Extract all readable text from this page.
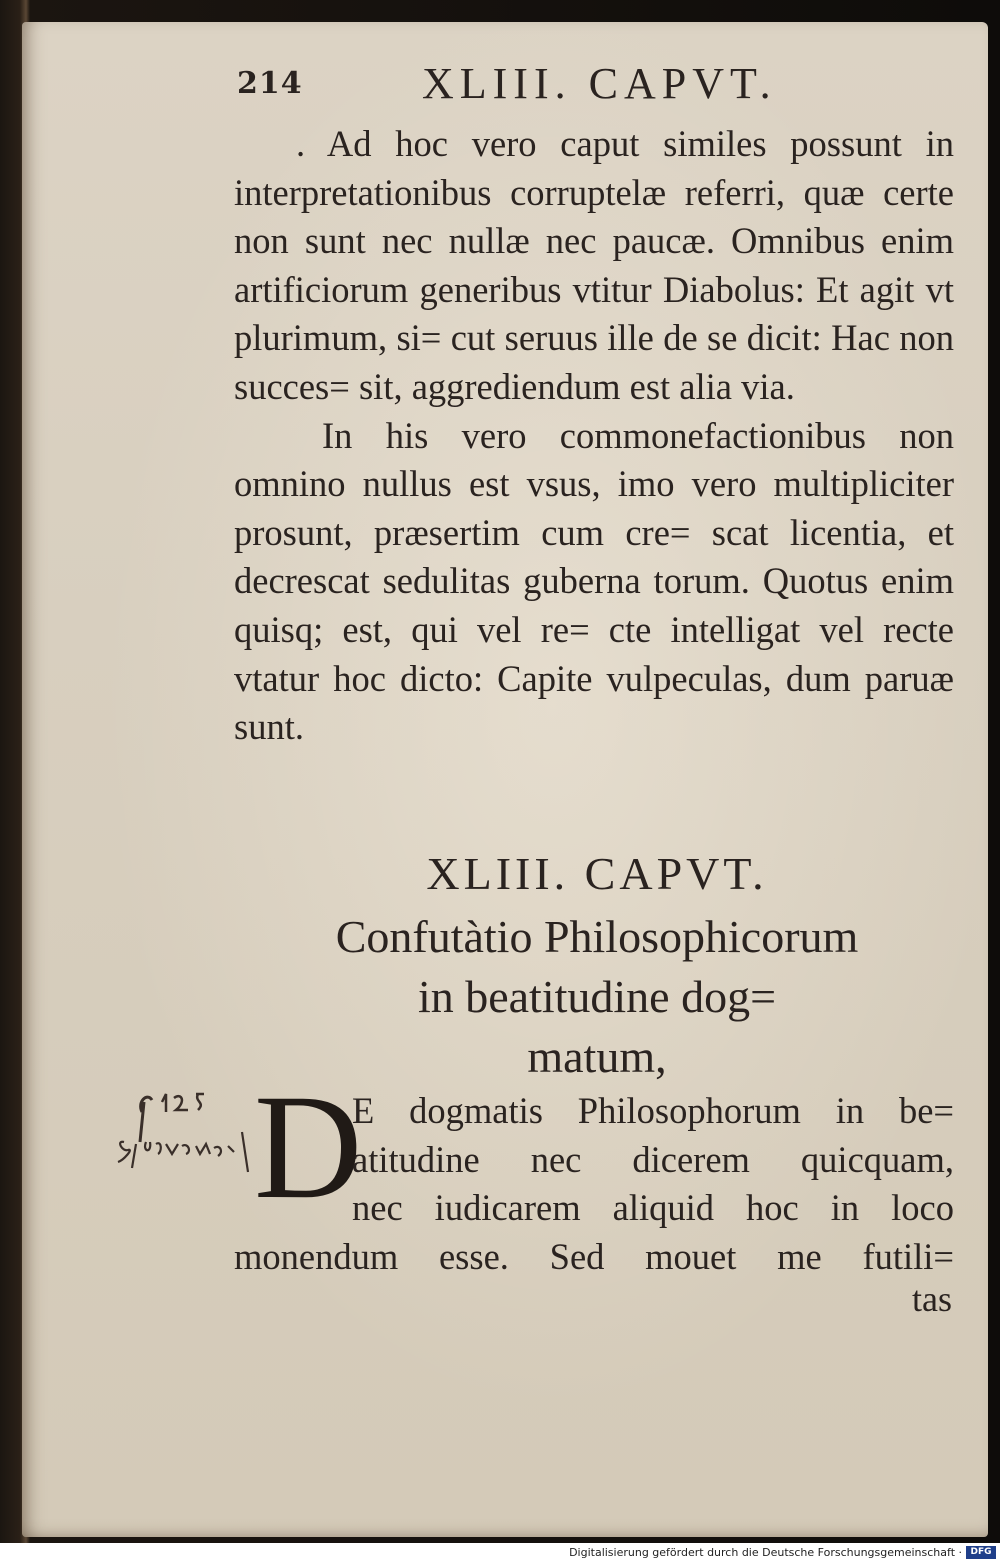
214	XLIII. CAPVT.

. Ad hoc vero caput similes possunt in interpretationibus corruptelæ referri, quæ certe non sunt nec nullæ nec paucæ. Omnibus enim artificiorum generibus vtitur Diabolus: Et agit vt plurimum, si= cut seruus ille de se dicit: Hac non succes= sit, aggrediendum est alia via.

In his vero commonefactionibus non omnino nullus est vsus, imo vero multipliciter prosunt, præsertim cum cre= scat licentia, et decrescat sedulitas guberna torum. Quotus enim quisq; est, qui vel re= cte intelligat vel recte vtatur hoc dicto: Capite vulpeculas, dum paruæ sunt.

XLIII. CAPVT.
Confutàtio Philosophicorum
in beatitudine dog=
matum,
D
E dogmatis Philosophorum in be=
atitudine nec dicerem quicquam,
nec iudicarem aliquid hoc in loco
monendum esse. Sed mouet me futili=
tas
Digitalisierung gefördert durch die Deutsche Forschungsgemeinschaft · DFG
